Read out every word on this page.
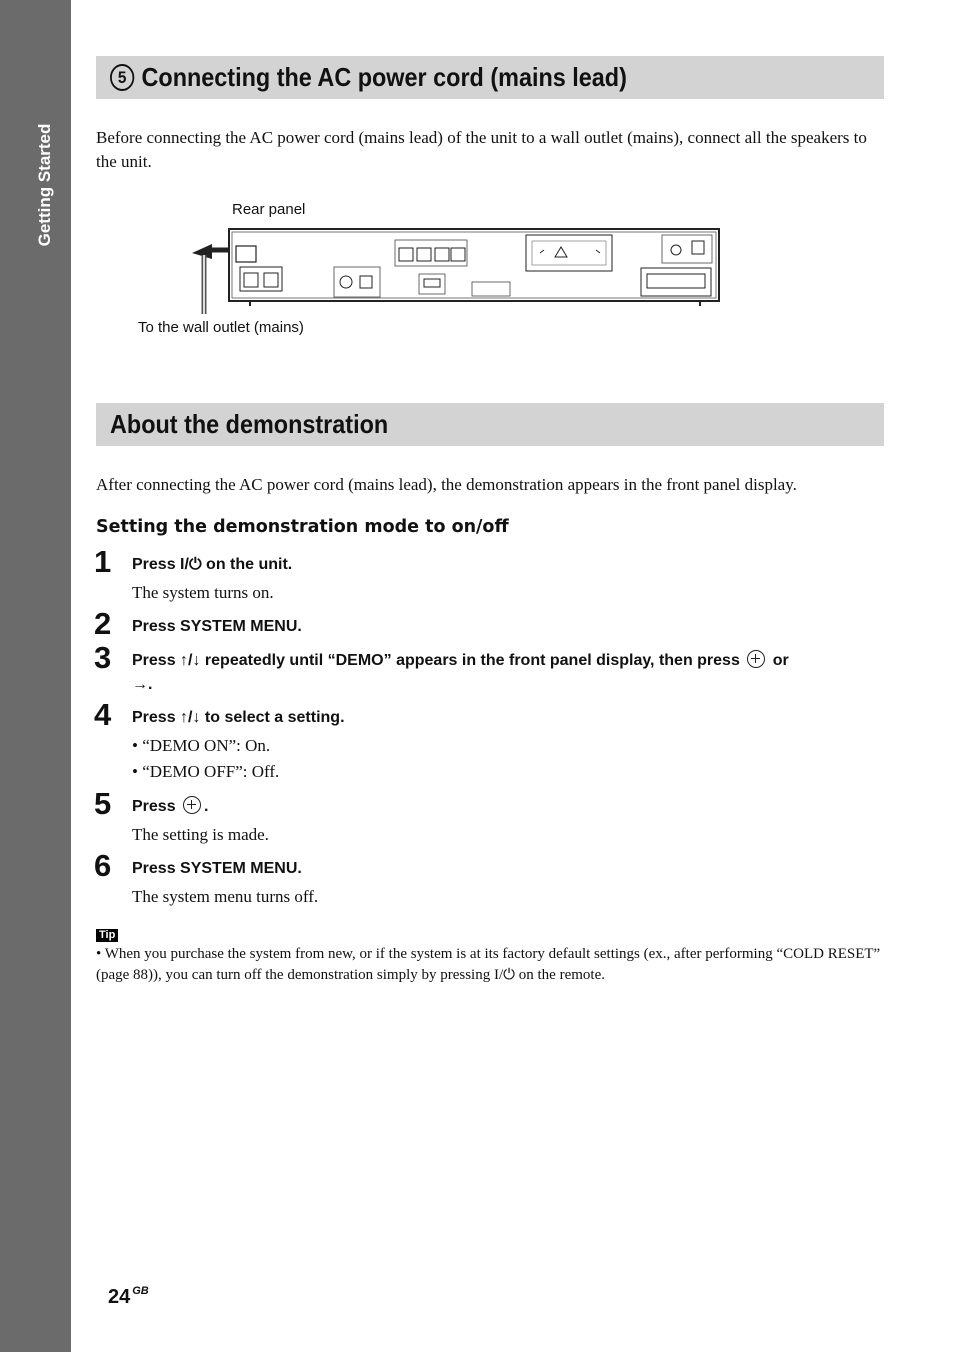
Getting Started
5 Connecting the AC power cord (mains lead)
Before connecting the AC power cord (mains lead) of the unit to a wall outlet (mains), connect all the speakers to the unit.
Rear panel
To the wall outlet (mains)
About the demonstration
After connecting the AC power cord (mains lead), the demonstration appears in the front panel display.
Setting the demonstration mode to on/off
1 Press I/⏻ on the unit.
The system turns on.
2 Press SYSTEM MENU.
3 Press ↑/↓ repeatedly until “DEMO” appears in the front panel display, then press  or
→.
4 Press ↑/↓ to select a setting.
• “DEMO ON”: On.
• “DEMO OFF”: Off.
5 Press .
The setting is made.
6 Press SYSTEM MENU.
The system menu turns off.
Tip
• When you purchase the system from new, or if the system is at its factory default settings (ex., after performing “COLD RESET” (page 88)), you can turn off the demonstration simply by pressing I/⏻ on the remote.
24 $^{GB}$
